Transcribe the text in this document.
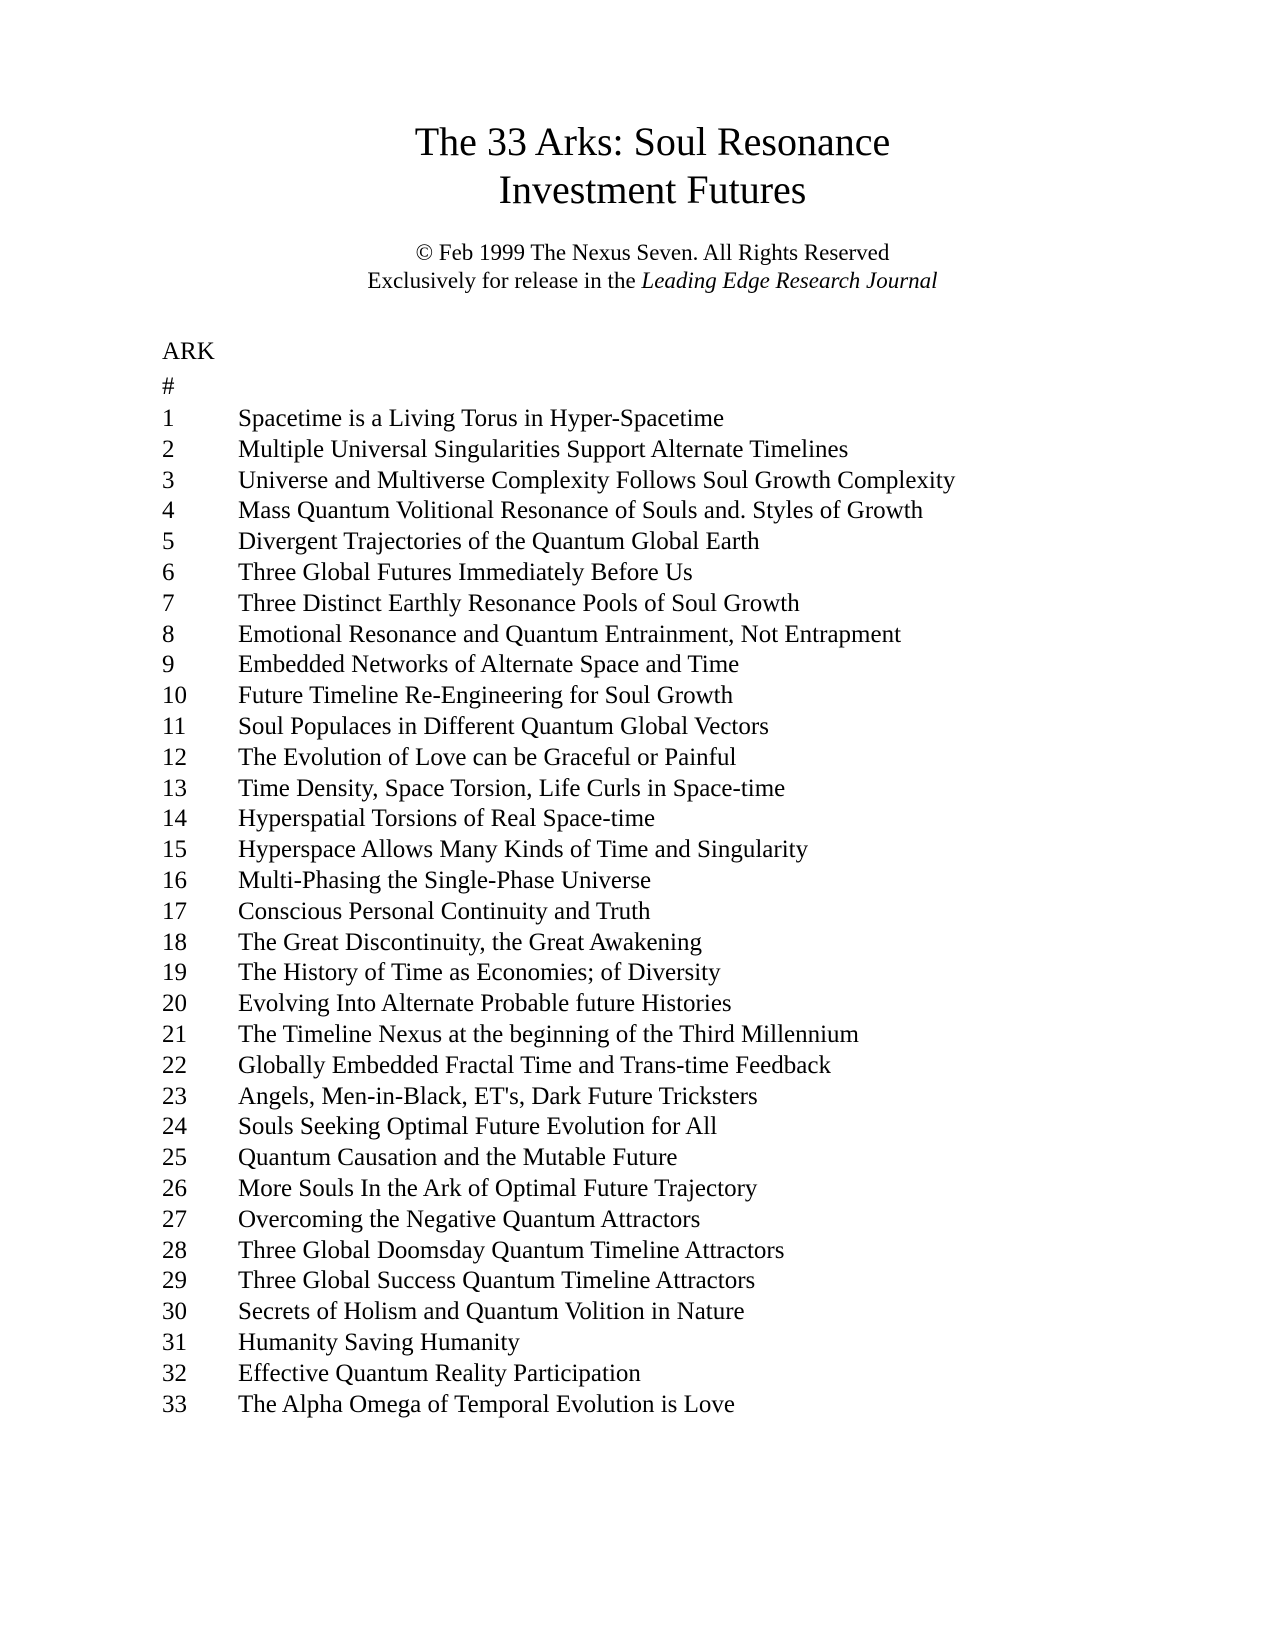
The 33 Arks: Soul Resonance
Investment Futures
© Feb 1999 The Nexus Seven. All Rights Reserved
Exclusively for release in the Leading Edge Research Journal
ARK
#
1	Spacetime is a Living Torus in Hyper-Spacetime
2	Multiple Universal Singularities Support Alternate Timelines
3	Universe and Multiverse Complexity Follows Soul Growth Complexity
4	Mass Quantum Volitional Resonance of Souls and. Styles of Growth
5	Divergent Trajectories of the Quantum Global Earth
6	Three Global Futures Immediately Before Us
7	Three Distinct Earthly Resonance Pools of Soul Growth
8	Emotional Resonance and Quantum Entrainment, Not Entrapment
9	Embedded Networks of Alternate Space and Time
10	Future Timeline Re-Engineering for Soul Growth
11	Soul Populaces in Different Quantum Global Vectors
12	The Evolution of Love can be Graceful or Painful
13	Time Density, Space Torsion, Life Curls in Space-time
14	Hyperspatial Torsions of Real Space-time
15	Hyperspace Allows Many Kinds of Time and Singularity
16	Multi-Phasing the Single-Phase Universe
17	Conscious Personal Continuity and Truth
18	The Great Discontinuity, the Great Awakening
19	The History of Time as Economies; of Diversity
20	Evolving Into Alternate Probable future Histories
21	The Timeline Nexus at the beginning of the Third Millennium
22	Globally Embedded Fractal Time and Trans-time Feedback
23	Angels, Men-in-Black, ET's, Dark Future Tricksters
24	Souls Seeking Optimal Future Evolution for All
25	Quantum Causation and the Mutable Future
26	More Souls In the Ark of Optimal Future Trajectory
27	Overcoming the Negative Quantum Attractors
28	Three Global Doomsday Quantum Timeline Attractors
29	Three Global Success Quantum Timeline Attractors
30	Secrets of Holism and Quantum Volition in Nature
31	Humanity Saving Humanity
32	Effective Quantum Reality Participation
33	The Alpha Omega of Temporal Evolution is Love
